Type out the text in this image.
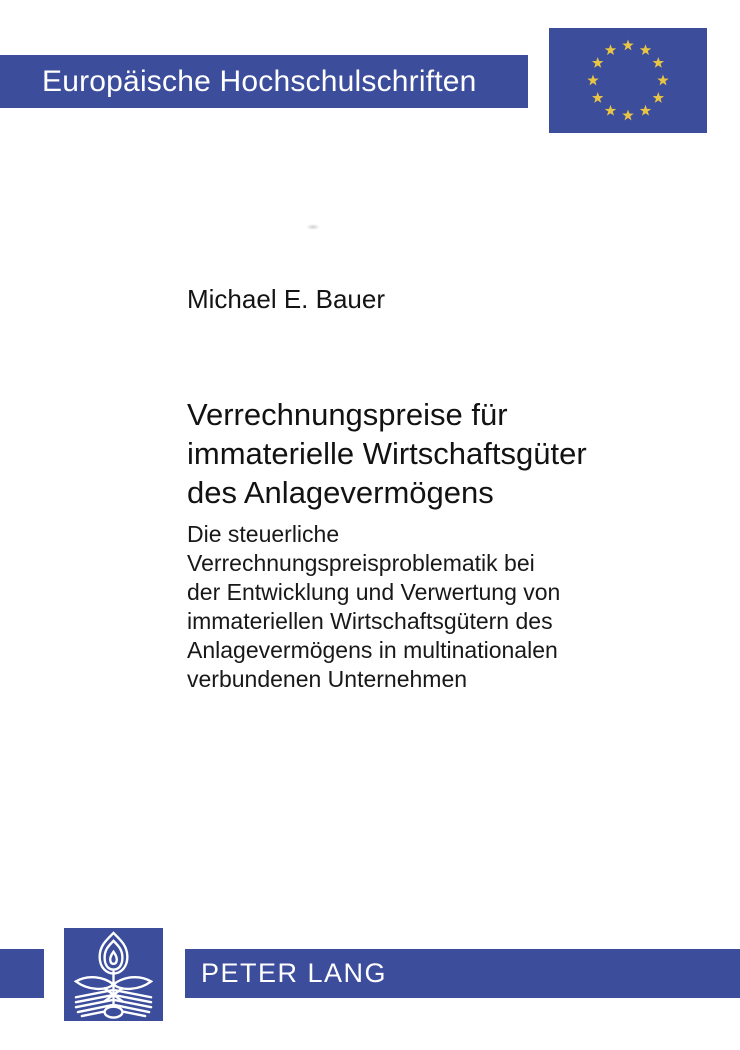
Europäische Hochschulschriften
Michael E. Bauer
Verrechnungspreise für
immaterielle Wirtschaftsgüter
des Anlagevermögens
Die steuerliche
Verrechnungspreisproblematik bei
der Entwicklung und Verwertung von
immateriellen Wirtschaftsgütern des
Anlagevermögens in multinationalen
verbundenen Unternehmen
PETER LANG
